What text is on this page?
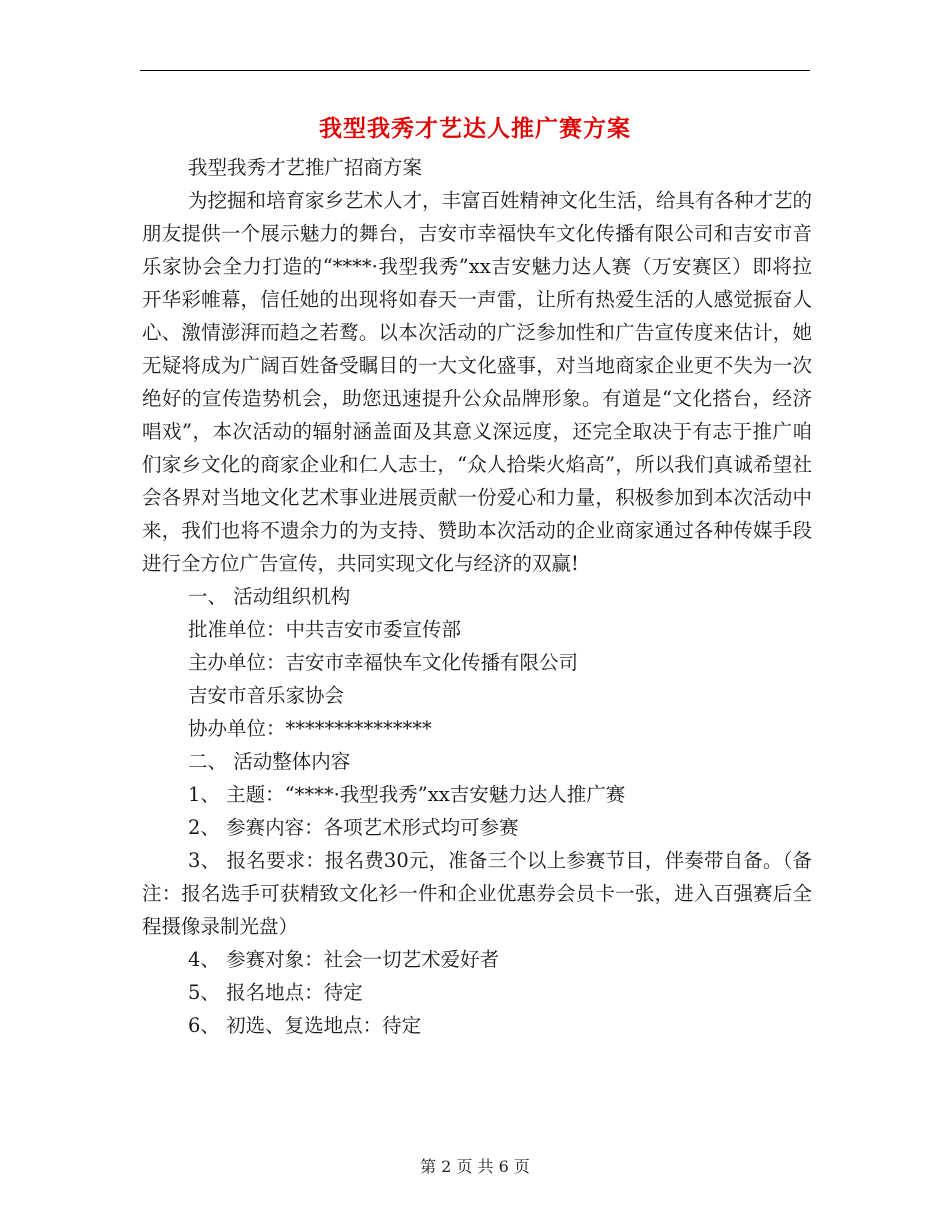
我型我秀才艺达人推广赛方案

我型我秀才艺推广招商方案

为挖掘和培育家乡艺术人才，丰富百姓精神文化生活，给具有各种才艺的朋友提供一个展示魅力的舞台，吉安市幸福快车文化传播有限公司和吉安市音乐家协会全力打造的“****·我型我秀”xx吉安魅力达人赛（万安赛区）即将拉开华彩帷幕，信任她的出现将如春天一声雷，让所有热爱生活的人感觉振奋人心、激情澎湃而趋之若鹜。以本次活动的广泛参加性和广告宣传度来估计，她无疑将成为广阔百姓备受瞩目的一大文化盛事，对当地商家企业更不失为一次绝好的宣传造势机会，助您迅速提升公众品牌形象。有道是“文化搭台，经济唱戏”，本次活动的辐射涵盖面及其意义深远度，还完全取决于有志于推广咱们家乡文化的商家企业和仁人志士，“众人拾柴火焰高”，所以我们真诚希望社会各界对当地文化艺术事业进展贡献一份爱心和力量，积极参加到本次活动中来，我们也将不遗余力的为支持、赞助本次活动的企业商家通过各种传媒手段进行全方位广告宣传，共同实现文化与经济的双赢!

一、 活动组织机构

批准单位：中共吉安市委宣传部

主办单位：吉安市幸福快车文化传播有限公司

吉安市音乐家协会

协办单位：***************

二、 活动整体内容

1、 主题：“****·我型我秀”xx吉安魅力达人推广赛

2、 参赛内容：各项艺术形式均可参赛

3、 报名要求：报名费30元，准备三个以上参赛节目，伴奏带自备。（备注：报名选手可获精致文化衫一件和企业优惠券会员卡一张，进入百强赛后全程摄像录制光盘）

4、 参赛对象：社会一切艺术爱好者

5、 报名地点：待定

6、 初选、复选地点：待定

第 2 页 共 6 页
